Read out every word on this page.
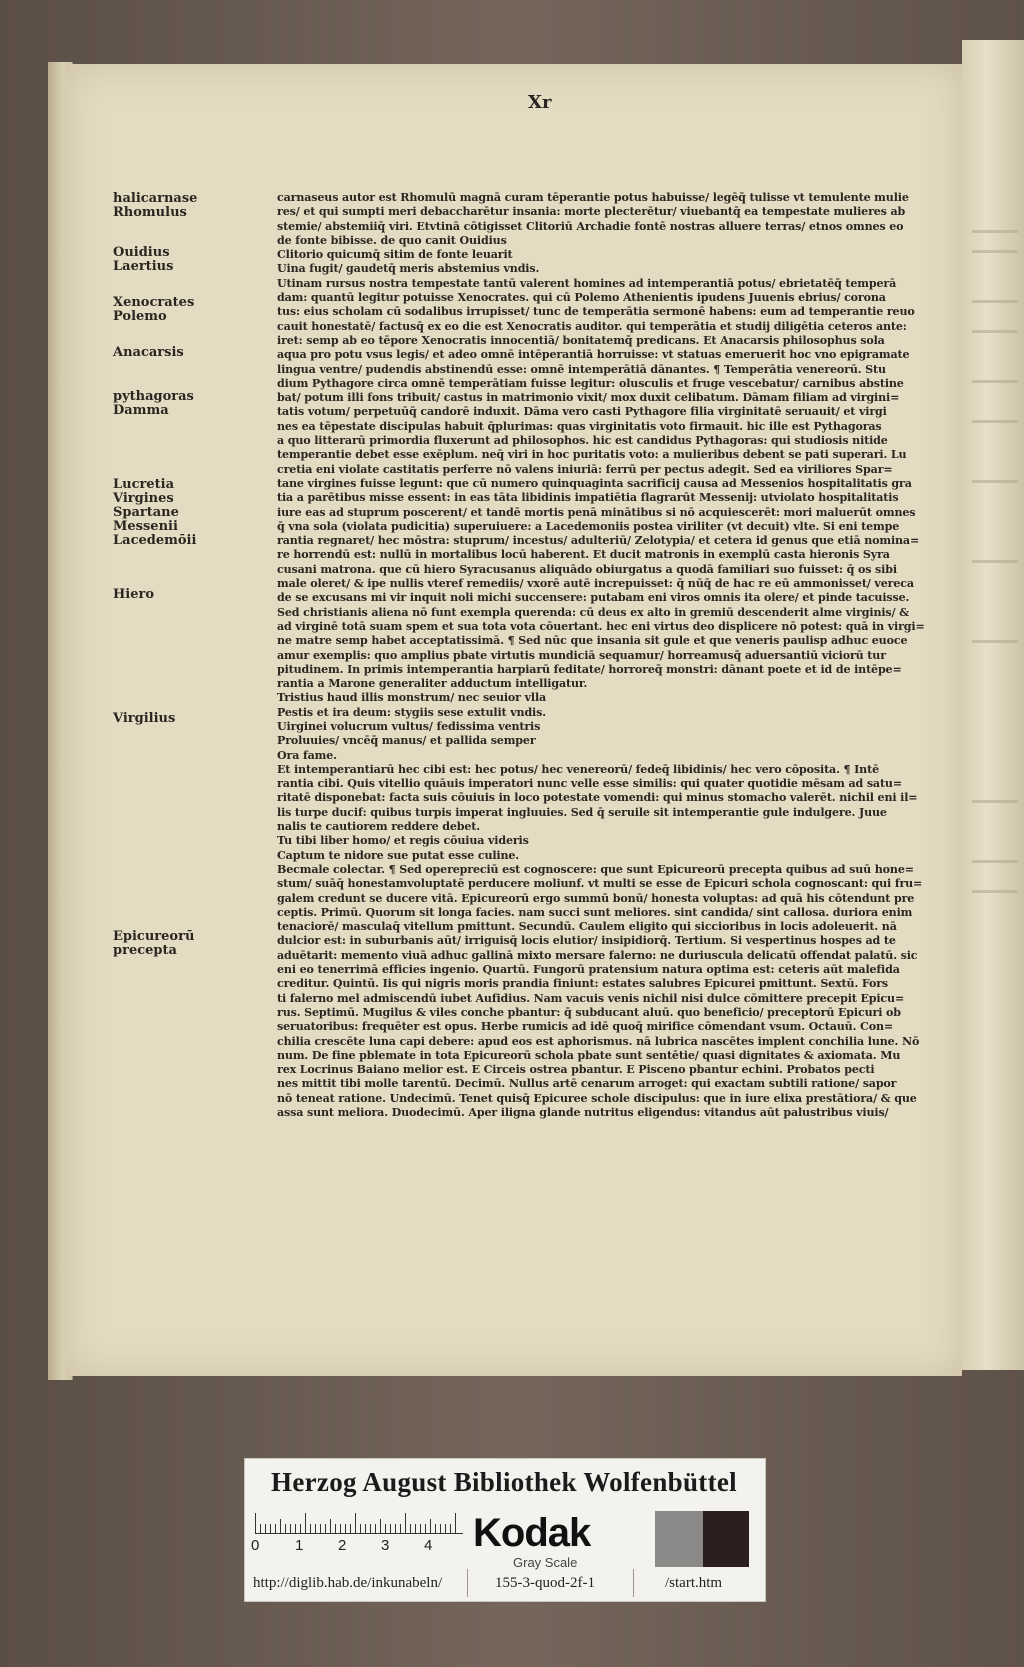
Xr
halicarnase
Rhomulus
Ouidius
Laertius
Xenocrates
Polemo
Anacarsis
pythagoras
Damma
Lucretia
Virgines
Spartane
Messenii
Lacedemōii
Hiero
Virgilius
Epicureorū
precepta
carnaseus autor est Rhomulū magnā curam tēperantie potus habuisse/ legēq̄ tulisse vt temulente mulie
res/ et qui sumpti meri debaccharētur insania: morte plecterētur/ viuebantq̄ ea tempestate mulieres ab
stemie/ abstemiiq̄ viri. Etvtinā cōtigisset Clitoriū Archadie fontē nostras alluere terras/ etnos omnes eo
de fonte bibisse. de quo canit Ouidius
Clitorio quicumq̄ sitim de fonte leuarit
Uina fugit/ gaudetq̄ meris abstemius vndis.
Utinam rursus nostra tempestate tantū valerent homines ad intemperantiā potus/ ebrietatēq̄ temperā
dam: quantū legitur potuisse Xenocrates. qui cū Polemo Athenientis ipudens Juuenis ebrius/ corona
tus: eius scholam cū sodalibus irrupisset/ tunc de temperātia sermonē habens: eum ad temperantie reuo
cauit honestatē/ factusq̄ ex eo die est Xenocratis auditor. qui temperātia et studij diligētia ceteros ante:
iret: semp ab eo tēpore Xenocratis innocentiā/ bonitatemq̄ predicans. Et Anacarsis philosophus sola
aqua pro potu vsus legis/ et adeo omnē intēperantiā horruisse: vt statuas emeruerit hoc vno epigramate
lingua ventre/ pudendis abstinendū esse: omnē intemperātiā dānantes. ¶ Temperātia venereorū. Stu
dium Pythagore circa omnē temperātiam fuisse legitur: olusculis et fruge vescebatur/ carnibus abstine
bat/ potum illi fons tribuit/ castus in matrimonio vixit/ mox duxit celibatum. Dāmam filiam ad virgini=
tatis votum/ perpetuūq̄ candorē induxit. Dāma vero casti Pythagore filia virginitatē seruauit/ et virgi
nes ea tēpestate discipulas habuit q̄plurimas: quas virginitatis voto firmauit. hic ille est Pythagoras
a quo litterarū primordia fluxerunt ad philosophos. hic est candidus Pythagoras: qui studiosis nitide
temperantie debet esse exēplum. neq̄ viri in hoc puritatis voto: a mulieribus debent se pati superari. Lu
cretia eni violate castitatis perferre nō valens iniuriā: ferrū per pectus adegit. Sed ea viriliores Spar=
tane virgines fuisse legunt: que cū numero quinquaginta sacrificij causa ad Messenios hospitalitatis gra
tia a parētibus misse essent: in eas tāta libidinis impatiētia flagrarūt Messenij: utviolato hospitalitatis
iure eas ad stuprum poscerent/ et tandē mortis penā minātibus si nō acquiescerēt: mori maluerūt omnes
q̄ vna sola (violata pudicitia) superuiuere: a Lacedemoniis postea viriliter (vt decuit) vlte. Si eni tempe
rantia regnaret/ hec mōstra: stuprum/ incestus/ adulteriū/ Zelotypia/ et cetera id genus que etiā nomina=
re horrendū est: nullū in mortalibus locū haberent. Et ducit matronis in exemplū casta hieronis Syra
cusani matrona. que cū hiero Syracusanus aliquādo obiurgatus a quodā familiari suo fuisset: q̄ os sibi
male oleret/ & ipe nullis vteref remediis/ vxorē autē increpuisset: q̄ nūq̄ de hac re eū ammonisset/ vereca
de se excusans mi vir inquit noli michi succensere: putabam eni viros omnis ita olere/ et pinde tacuisse.
Sed christianis aliena nō funt exempla querenda: cū deus ex alto in gremiū descenderit alme virginis/ &
ad virginē totā suam spem et sua tota vota cōuertant. hec eni virtus deo displicere nō potest: quā in virgi=
ne matre semp habet acceptatissimā. ¶ Sed nūc que insania sit gule et que veneris paulisp adhuc euoce
amur exemplis: quo amplius pbate virtutis mundiciā sequamur/ horreamusq̄ aduersantiū viciorū tur
pitudinem. In primis intemperantia harpiarū feditate/ horroreq̄ monstri: dānant poete et id de intēpe=
rantia a Marone generaliter adductum intelligatur.
Tristius haud illis monstrum/ nec seuior vlla
Pestis et ira deum: stygiis sese extulit vndis.
Uirginei volucrum vultus/ fedissima ventris
Proluuies/ vncēq̄ manus/ et pallida semper
Ora fame.
Et intemperantiarū hec cibi est: hec potus/ hec venereorū/ fedeq̄ libidinis/ hec vero cōposita. ¶ Intē
rantia cibi. Quis vitellio quāuis imperatori nunc velle esse similis: qui quater quotidie mēsam ad satu=
ritatē disponebat: facta suis cōuiuis in loco potestate vomendi: qui minus stomacho valerēt. nichil eni il=
lis turpe ducif: quibus turpis imperat ingluuies. Sed q̄ seruile sit intemperantie gule indulgere. Juue
nalis te cautiorem reddere debet.
Tu tibi liber homo/ et regis cōuiua videris
Captum te nidore sue putat esse culine.
Becmale colectar. ¶ Sed operepreciū est cognoscere: que sunt Epicureorū precepta quibus ad suū hone=
stum/ suāq̄ honestamvoluptatē perducere moliunf. vt multi se esse de Epicuri schola cognoscant: qui fru=
galem credunt se ducere vitā. Epicureorū ergo summū bonū/ honesta voluptas: ad quā his cōtendunt pre
ceptis. Primū. Quorum sit longa facies. nam succi sunt meliores. sint candida/ sint callosa. duriora enim
tenaciorē/ masculaq̄ vitellum pmittunt. Secundū. Caulem eligito qui siccioribus in locis adoleuerit. nā
dulcior est: in suburbanis aūt/ irriguisq̄ locis elutior/ insipidiorq̄. Tertium. Si vespertinus hospes ad te
aduētarit: memento viuā adhuc gallinā mixto mersare falerno: ne duriuscula delicatū offendat palatū. sic
eni eo tenerrimā efficies ingenio. Quartū. Fungorū pratensium natura optima est: ceteris aūt malefida
creditur. Quintū. Iis qui nigris moris prandia finiunt: estates salubres Epicurei pmittunt. Sextū. Fors
ti falerno mel admiscendū iubet Aufidius. Nam vacuis venis nichil nisi dulce cōmittere precepit Epicu=
rus. Septimū. Mugilus & viles conche pbantur: q̄ subducant aluū. quo beneficio/ preceptorū Epicuri ob
seruatoribus: frequēter est opus. Herbe rumicis ad idē quoq̄ mirifice cōmendant vsum. Octauū. Con=
chilia crescēte luna capi debere: apud eos est aphorismus. nā lubrica nascētes implent conchilia lune. Nō
num. De fine pblemate in tota Epicureorū schola pbate sunt sentētie/ quasi dignitates & axiomata. Mu
rex Locrinus Baiano melior est. E Circeis ostrea pbantur. E Pisceno pbantur echini. Probatos pecti
nes mittit tibi molle tarentū. Decimū. Nullus artē cenarum arroget: qui exactam subtili ratione/ sapor
nō teneat ratione. Undecimū. Tenet quisq̄ Epicuree schole discipulus: que in iure elixa prestātiora/ & que
assa sunt meliora. Duodecimū. Aper iligna glande nutritus eligendus: vitandus aūt palustribus viuis/
Herzog August Bibliothek Wolfenbüttel
0 1 2 3 4 Kodak
Gray Scale
http://diglib.hab.de/inkunabeln/	155-3-quod-2f-1	/start.htm
